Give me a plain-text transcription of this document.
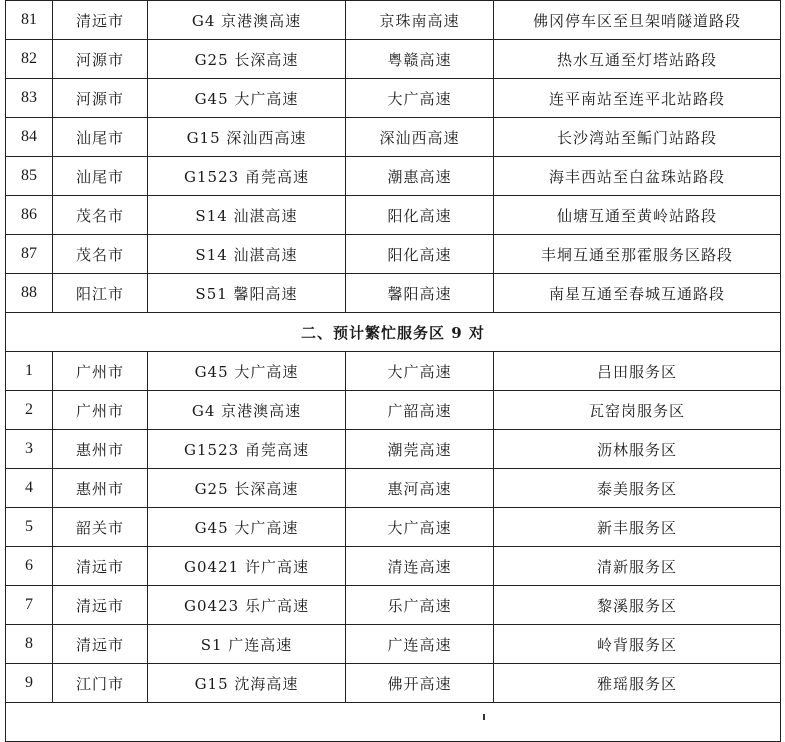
81	清远市	G4 京港澳高速	京珠南高速	佛冈停车区至旦架哨隧道路段
82	河源市	G25 长深高速	粤赣高速	热水互通至灯塔站路段
83	河源市	G45 大广高速	大广高速	连平南站至连平北站路段
84	汕尾市	G15 深汕西高速	深汕西高速	长沙湾站至鲘门站路段
85	汕尾市	G1523 甬莞高速	潮惠高速	海丰西站至白盆珠站路段
86	茂名市	S14 汕湛高速	阳化高速	仙塘互通至黄岭站路段
87	茂名市	S14 汕湛高速	阳化高速	丰垌互通至那霍服务区路段
88	阳江市	S51 馨阳高速	馨阳高速	南星互通至春城互通路段
二、预计繁忙服务区 9 对				
1	广州市	G45 大广高速	大广高速	吕田服务区
2	广州市	G4 京港澳高速	广韶高速	瓦窑岗服务区
3	惠州市	G1523 甬莞高速	潮莞高速	沥林服务区
4	惠州市	G25 长深高速	惠河高速	泰美服务区
5	韶关市	G45 大广高速	大广高速	新丰服务区
6	清远市	G0421 许广高速	清连高速	清新服务区
7	清远市	G0423 乐广高速	乐广高速	黎溪服务区
8	清远市	S1 广连高速	广连高速	岭背服务区
9	江门市	G15 沈海高速	佛开高速	雅瑶服务区
